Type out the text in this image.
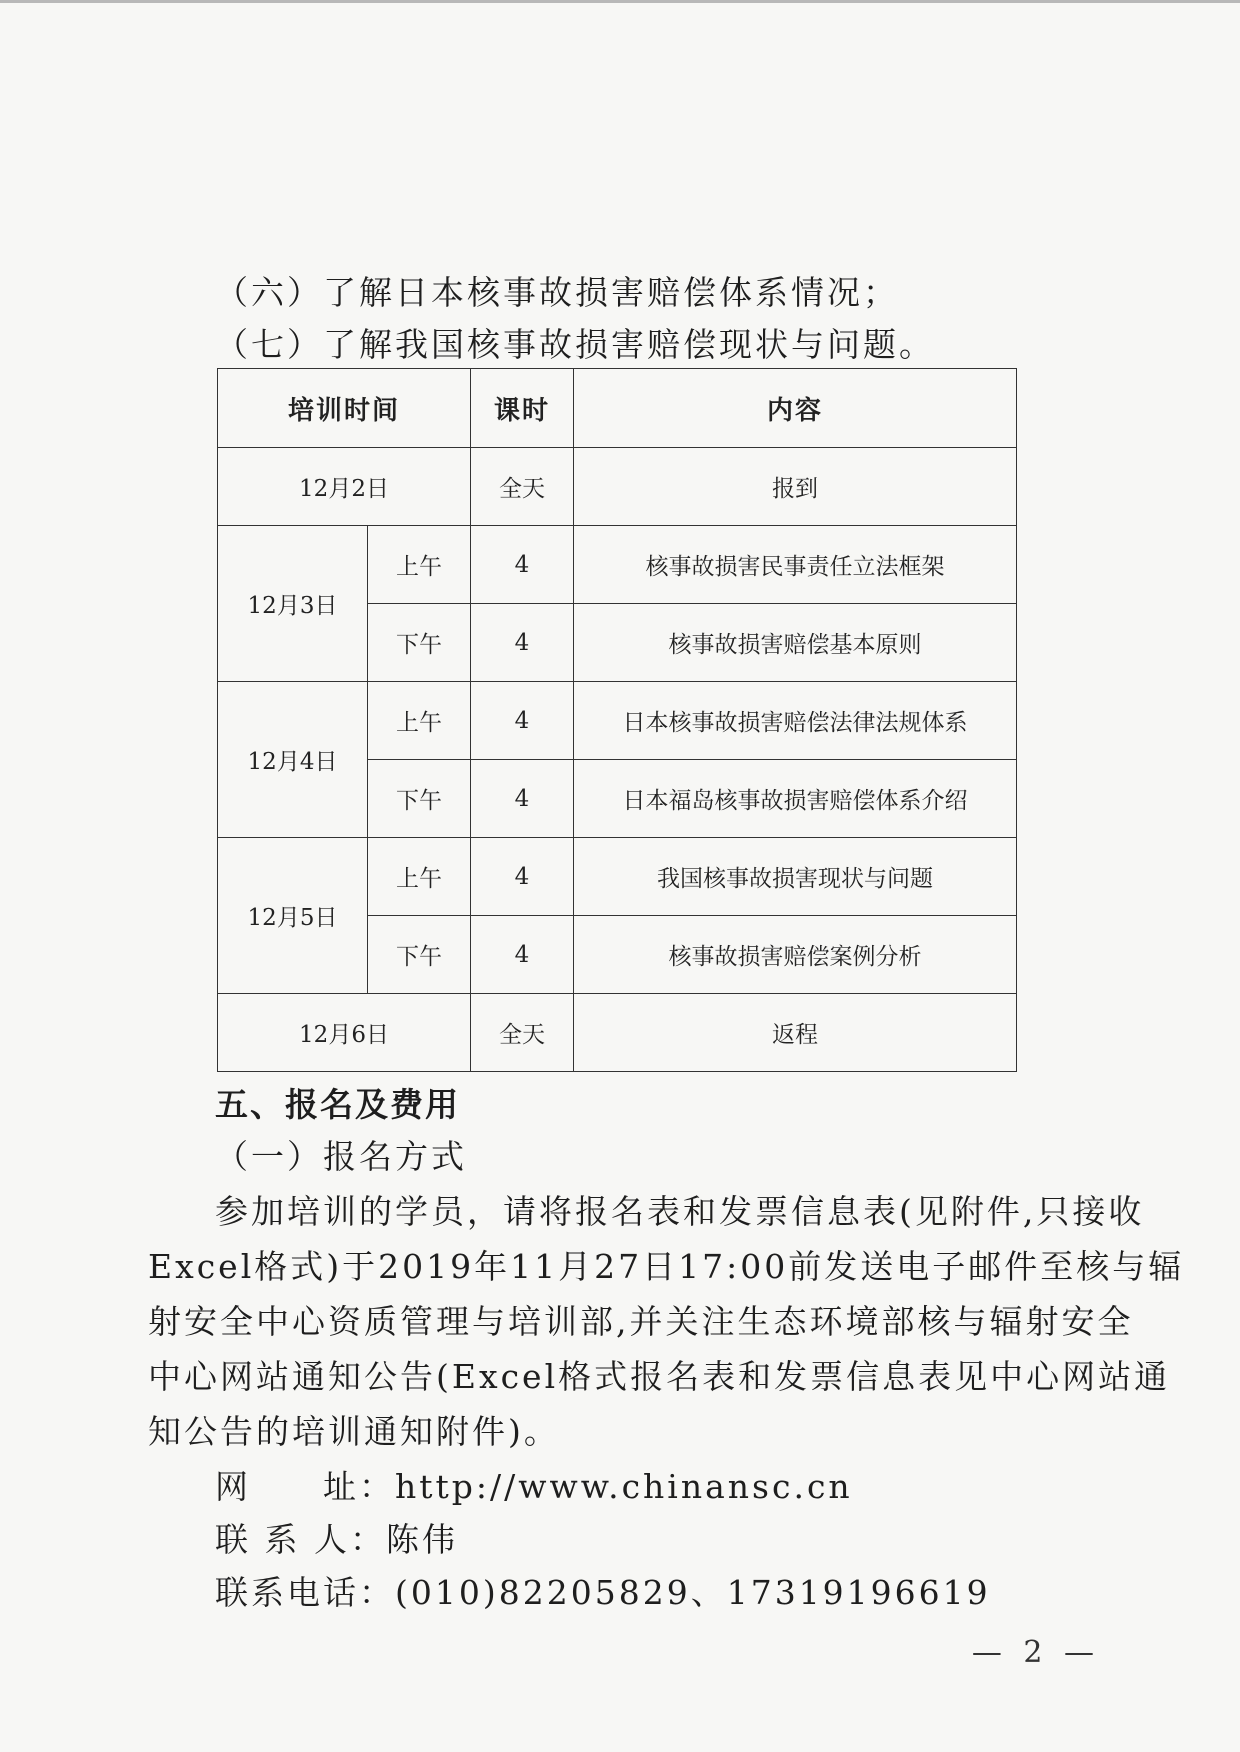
（六）了解日本核事故损害赔偿体系情况；
（七）了解我国核事故损害赔偿现状与问题。
培训时间		课时	内容
12月2日		全天	报到
12月3日	上午	4	核事故损害民事责任立法框架
	下午	4	核事故损害赔偿基本原则
12月4日	上午	4	日本核事故损害赔偿法律法规体系
	下午	4	日本福岛核事故损害赔偿体系介绍
12月5日	上午	4	我国核事故损害现状与问题
	下午	4	核事故损害赔偿案例分析
12月6日		全天	返程
五、报名及费用
（一）报名方式
参加培训的学员，请将报名表和发票信息表(见附件,只接收
Excel格式)于2019年11月27日17:00前发送电子邮件至核与辐
射安全中心资质管理与培训部,并关注生态环境部核与辐射安全
中心网站通知公告(Excel格式报名表和发票信息表见中心网站通
知公告的培训通知附件)。
网　　址：http://www.chinansc.cn
联 系 人：陈伟
联系电话：(010)82205829、17319196619
— 2 —
